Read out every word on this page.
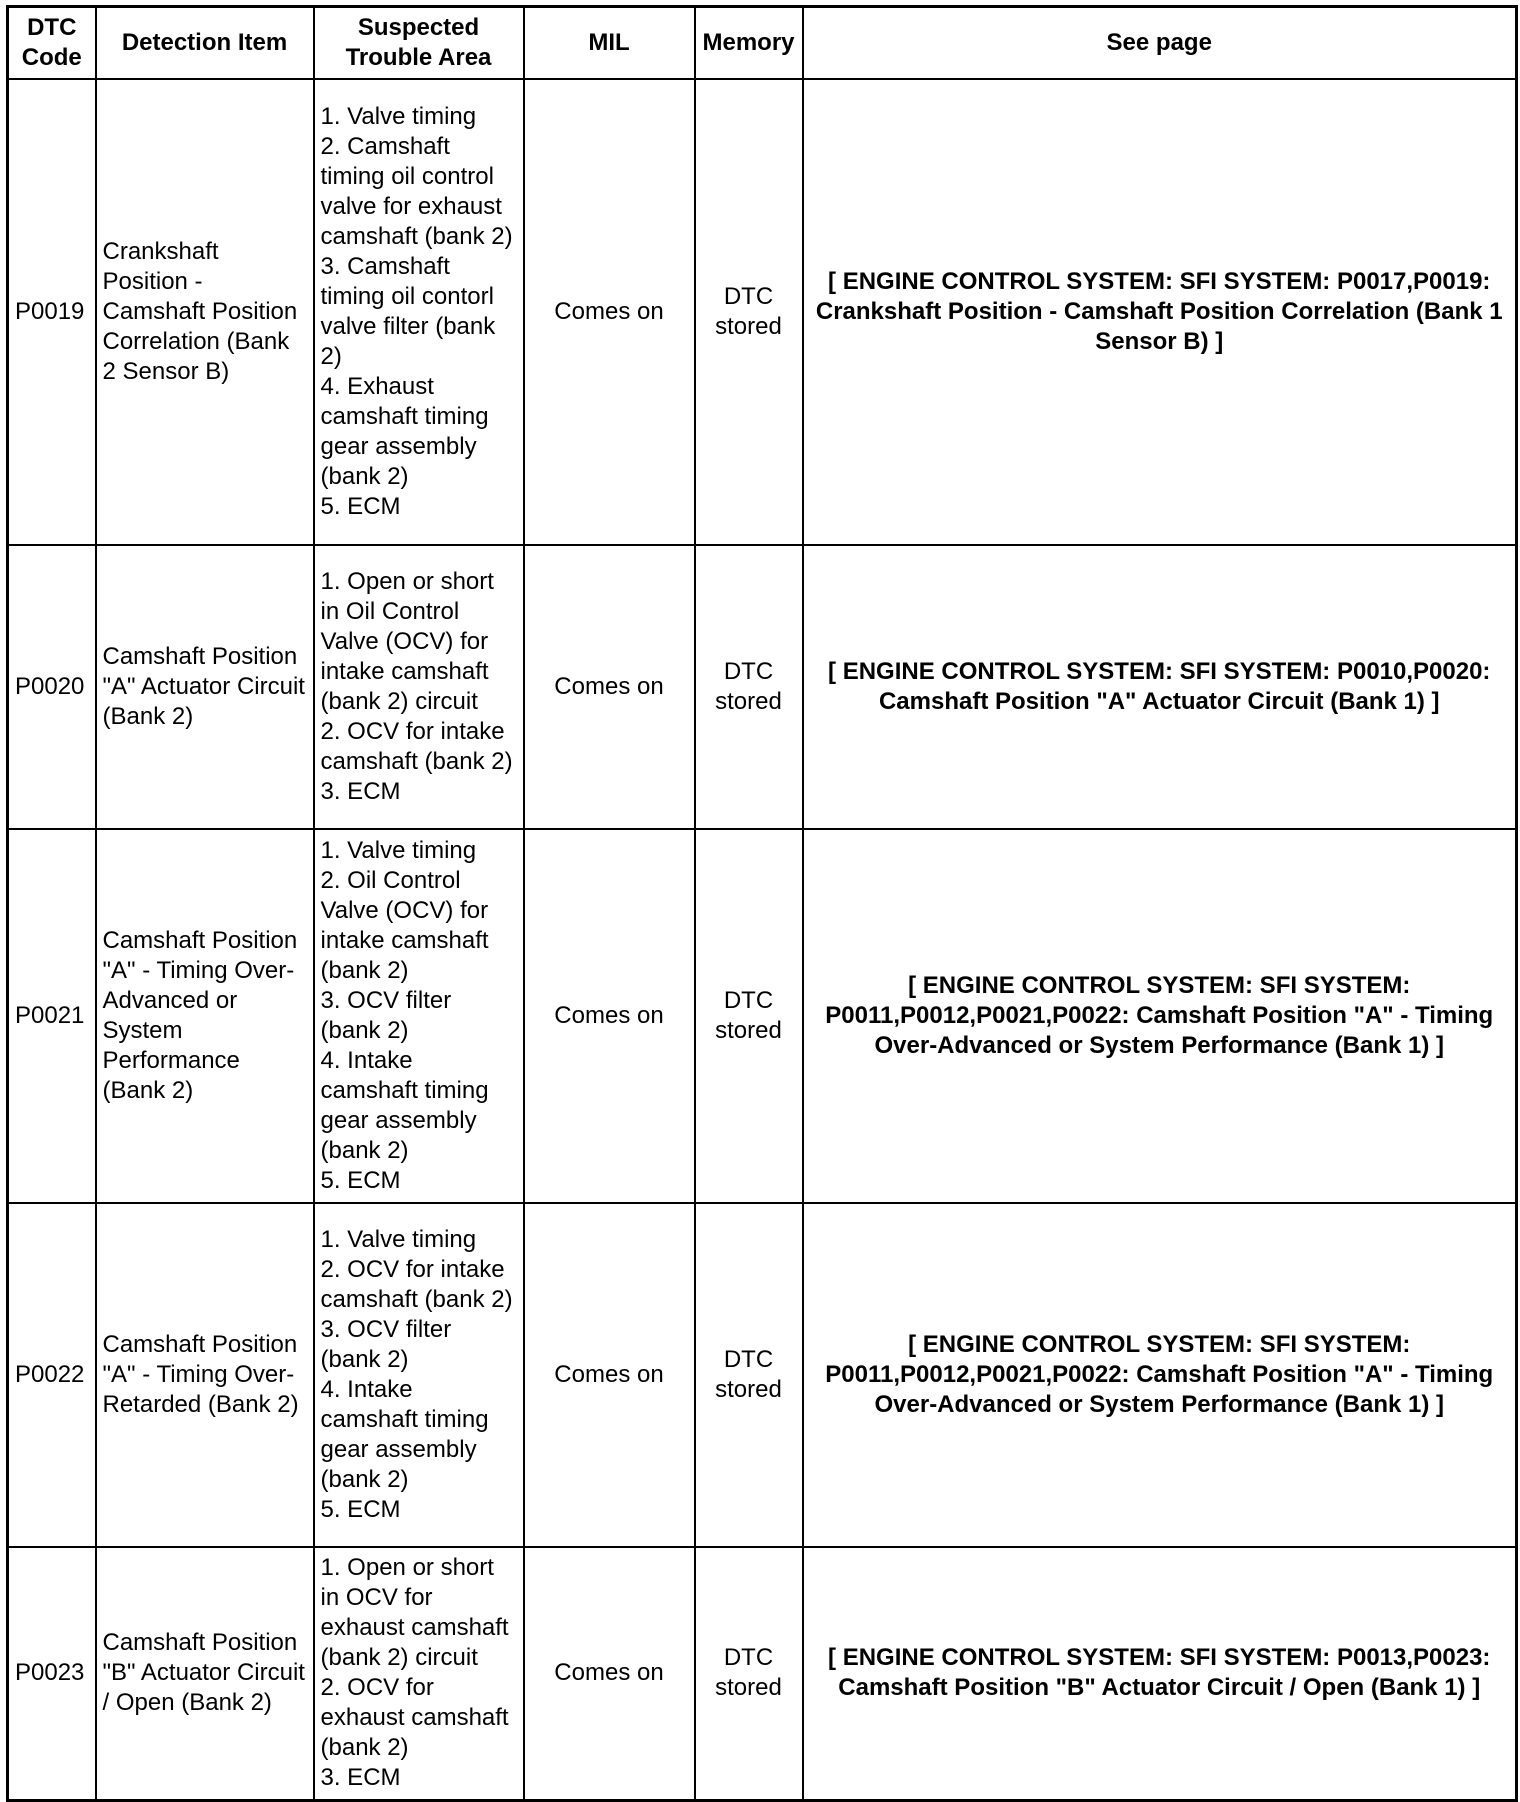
DTC Code	Detection Item	Suspected Trouble Area	MIL	Memory	See page
P0019	Crankshaft Position - Camshaft Position Correlation (Bank 2 Sensor B)	1. Valve timing
2. Camshaft timing oil control valve for exhaust camshaft (bank 2)
3. Camshaft timing oil contorl valve filter (bank 2)
4. Exhaust camshaft timing gear assembly (bank 2)
5. ECM	Comes on	DTC stored	[ ENGINE CONTROL SYSTEM: SFI SYSTEM: P0017,P0019: Crankshaft Position - Camshaft Position Correlation (Bank 1 Sensor B) ]
P0020	Camshaft Position "A" Actuator Circuit (Bank 2)	1. Open or short in Oil Control Valve (OCV) for intake camshaft (bank 2) circuit
2. OCV for intake camshaft (bank 2)
3. ECM	Comes on	DTC stored	[ ENGINE CONTROL SYSTEM: SFI SYSTEM: P0010,P0020: Camshaft Position "A" Actuator Circuit (Bank 1) ]
P0021	Camshaft Position "A" - Timing Over-Advanced or System Performance (Bank 2)	1. Valve timing
2. Oil Control Valve (OCV) for intake camshaft (bank 2)
3. OCV filter (bank 2)
4. Intake camshaft timing gear assembly (bank 2)
5. ECM	Comes on	DTC stored	[ ENGINE CONTROL SYSTEM: SFI SYSTEM: P0011,P0012,P0021,P0022: Camshaft Position "A" - Timing Over-Advanced or System Performance (Bank 1) ]
P0022	Camshaft Position "A" - Timing Over-Retarded (Bank 2)	1. Valve timing
2. OCV for intake camshaft (bank 2)
3. OCV filter (bank 2)
4. Intake camshaft timing gear assembly (bank 2)
5. ECM	Comes on	DTC stored	[ ENGINE CONTROL SYSTEM: SFI SYSTEM: P0011,P0012,P0021,P0022: Camshaft Position "A" - Timing Over-Advanced or System Performance (Bank 1) ]
P0023	Camshaft Position "B" Actuator Circuit / Open (Bank 2)	1. Open or short in OCV for exhaust camshaft (bank 2) circuit
2. OCV for exhaust camshaft (bank 2)
3. ECM	Comes on	DTC stored	[ ENGINE CONTROL SYSTEM: SFI SYSTEM: P0013,P0023: Camshaft Position "B" Actuator Circuit / Open (Bank 1) ]
